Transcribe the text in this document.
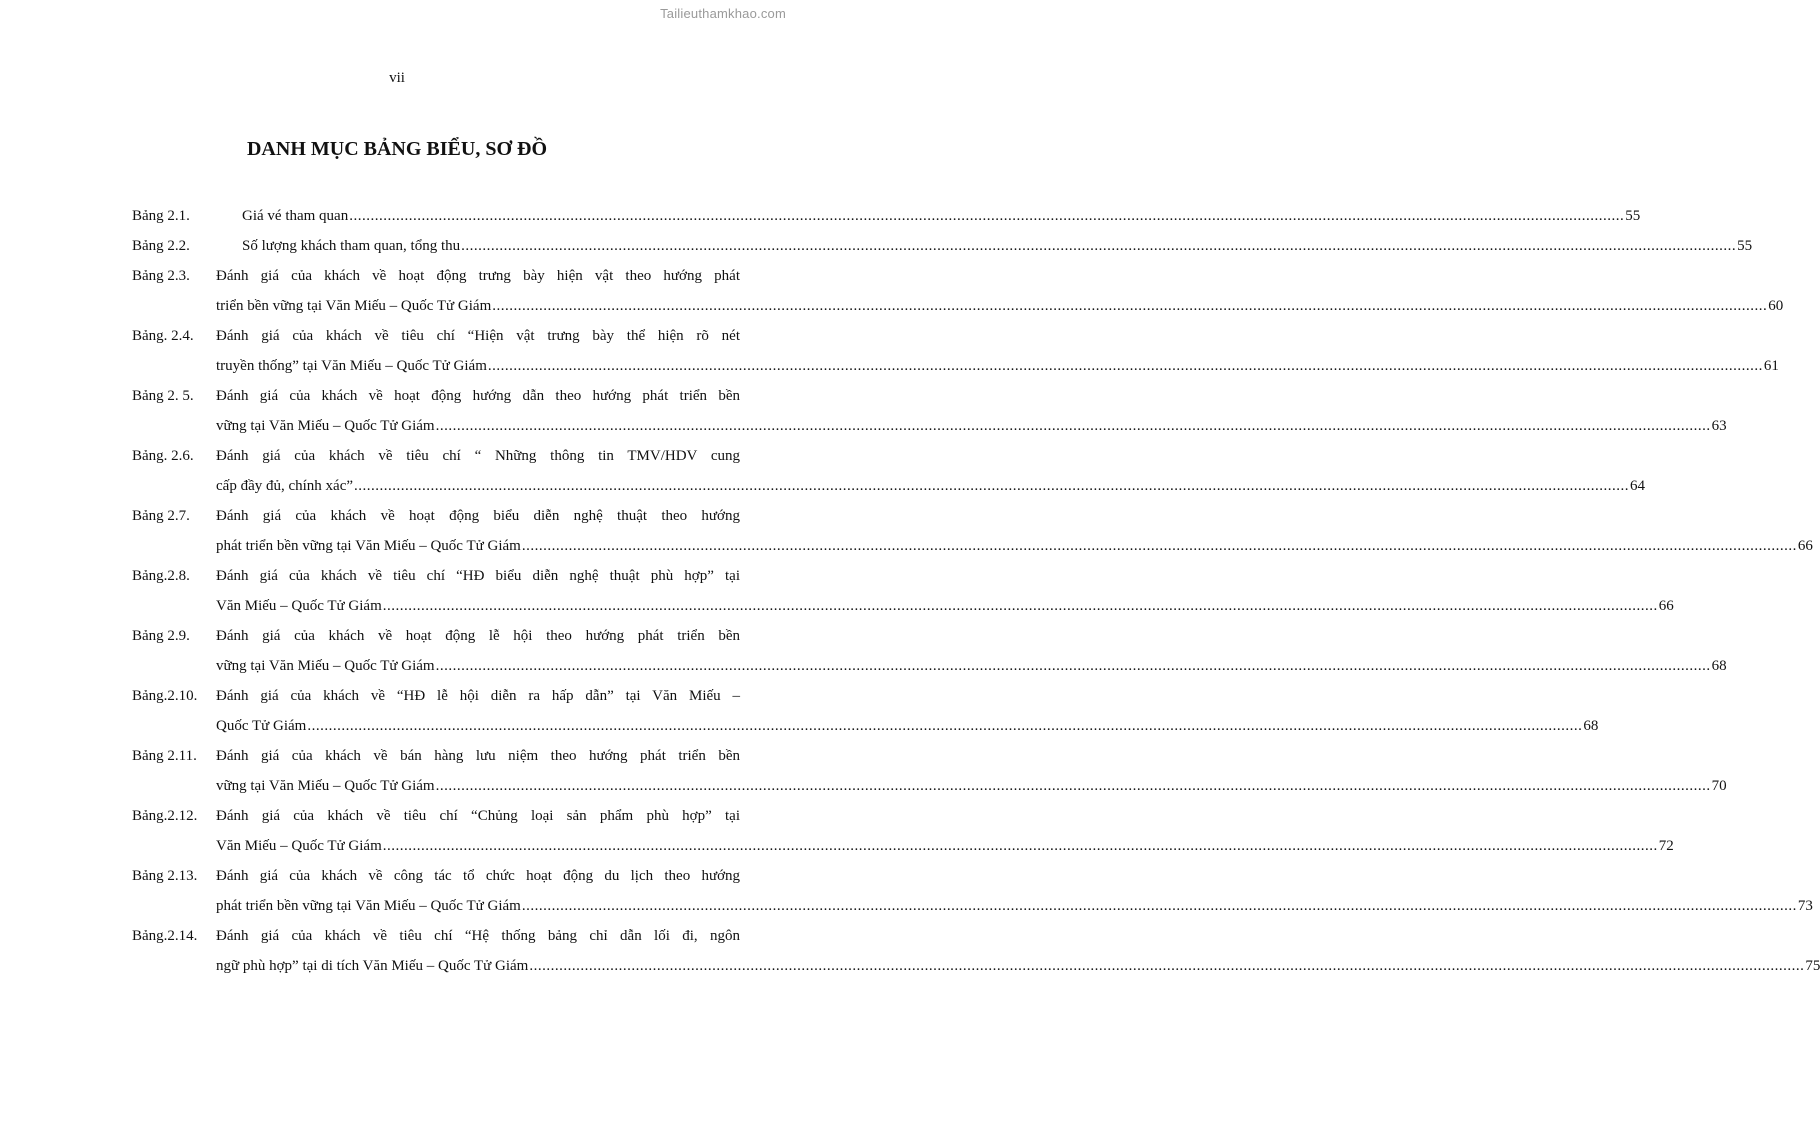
Tailieuthamkhao.com
vii
DANH MỤC BẢNG BIỂU, SƠ ĐỒ
Bảng 2.1.	Giá vé tham quan ............................................................................................................................................................................................................................................................................................................ 55
Bảng 2.2.	Số lượng khách tham quan, tổng thu ............................................................................................................................................................................................................................................................................................................ 55
Bảng 2.3. Đánh giá của khách về hoạt động trưng bày hiện vật theo hướng phát
triển bền vững tại Văn Miếu – Quốc Tử Giám ............................................................................................................................................................................................................................................................................................................ 60
Bảng. 2.4. Đánh giá của khách về tiêu chí “Hiện vật trưng bày thể hiện rõ nét
truyền thống” tại Văn Miếu – Quốc Tử Giám ............................................................................................................................................................................................................................................................................................................ 61
Bảng 2. 5. Đánh giá của khách về hoạt động hướng dẫn theo hướng phát triển bền
vững tại Văn Miếu – Quốc Tử Giám ............................................................................................................................................................................................................................................................................................................ 63
Bảng. 2.6. Đánh giá của khách về tiêu chí “ Những thông tin TMV/HDV cung
cấp đầy đủ, chính xác” ............................................................................................................................................................................................................................................................................................................ 64
Bảng 2.7. Đánh giá của khách về hoạt động biểu diễn nghệ thuật theo hướng
phát triển bền vững tại Văn Miếu – Quốc Tử Giám ............................................................................................................................................................................................................................................................................................................ 66
Bảng.2.8. Đánh giá của khách về tiêu chí “HĐ biểu diễn nghệ thuật phù hợp” tại
Văn Miếu – Quốc Tử Giám ............................................................................................................................................................................................................................................................................................................ 66
Bảng 2.9. Đánh giá của khách về hoạt động lễ hội theo hướng phát triển bền
vững tại Văn Miếu – Quốc Tử Giám ............................................................................................................................................................................................................................................................................................................ 68
Bảng.2.10. Đánh giá của khách về “HĐ lễ hội diễn ra hấp dẫn” tại Văn Miếu –
Quốc Tử Giám ............................................................................................................................................................................................................................................................................................................ 68
Bảng 2.11. Đánh giá của khách về bán hàng lưu niệm theo hướng phát triển bền
vững tại Văn Miếu – Quốc Tử Giám ............................................................................................................................................................................................................................................................................................................ 70
Bảng.2.12. Đánh giá của khách về tiêu chí “Chủng loại sản phẩm phù hợp” tại
Văn Miếu – Quốc Tử Giám ............................................................................................................................................................................................................................................................................................................ 72
Bảng 2.13. Đánh giá của khách về công tác tổ chức hoạt động du lịch theo hướng
phát triển bền vững tại Văn Miếu – Quốc Tử Giám ............................................................................................................................................................................................................................................................................................................ 73
Bảng.2.14. Đánh giá của khách về tiêu chí “Hệ thống bảng chỉ dẫn lối đi, ngôn
ngữ phù hợp” tại di tích Văn Miếu – Quốc Tử Giám ............................................................................................................................................................................................................................................................................................................ 75
